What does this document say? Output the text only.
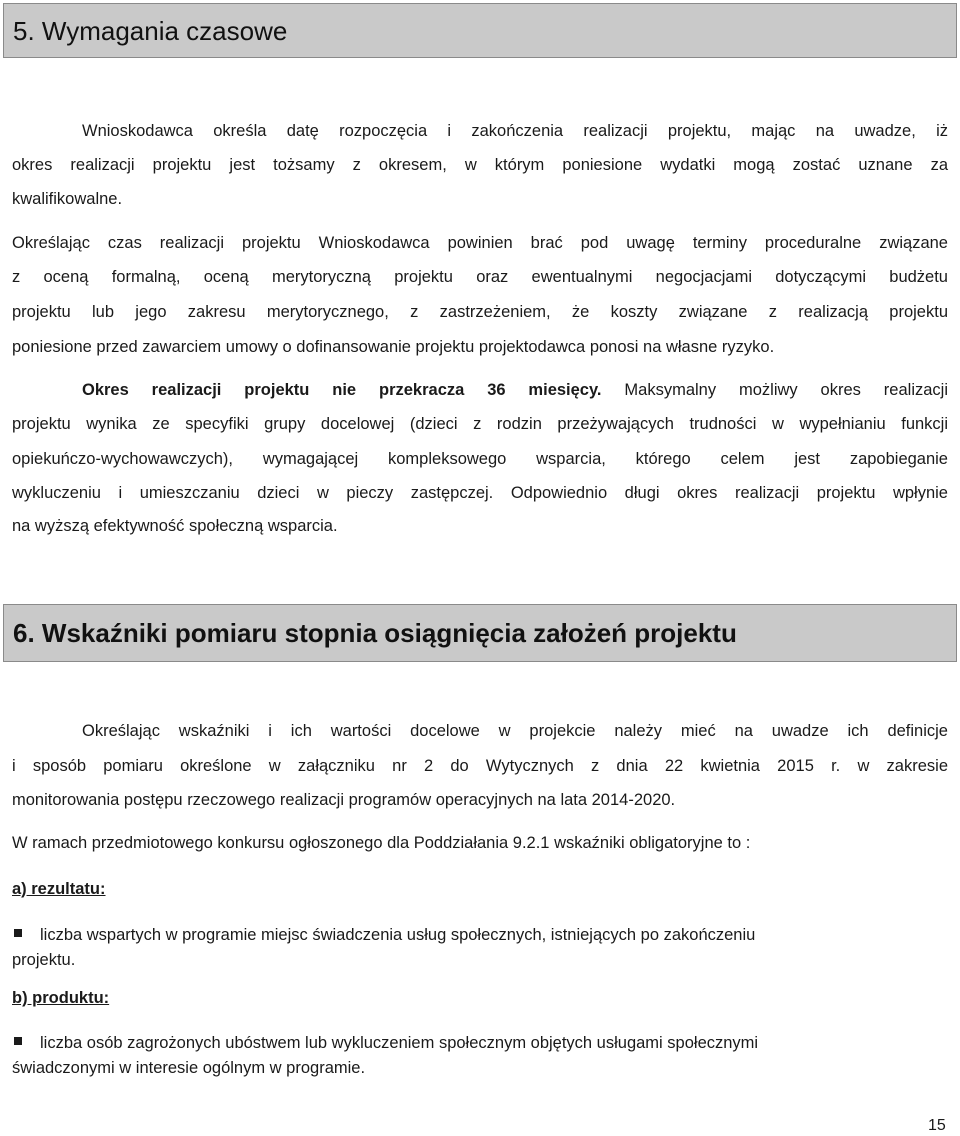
5. Wymagania czasowe
Wnioskodawca określa datę rozpoczęcia i zakończenia realizacji projektu, mając na uwadze, iż
okres realizacji projektu jest tożsamy z okresem, w którym poniesione wydatki mogą zostać uznane za
kwalifikowalne.
Określając czas realizacji projektu Wnioskodawca powinien brać pod uwagę terminy proceduralne związane
z oceną formalną, oceną merytoryczną projektu oraz ewentualnymi negocjacjami dotyczącymi budżetu
projektu lub jego zakresu merytorycznego, z zastrzeżeniem, że koszty związane z realizacją projektu
poniesione przed zawarciem umowy o dofinansowanie projektu projektodawca ponosi na własne ryzyko.
Okres realizacji projektu nie przekracza 36 miesięcy. Maksymalny możliwy okres realizacji
projektu wynika ze specyfiki grupy docelowej (dzieci z rodzin przeżywających trudności w wypełnianiu funkcji
opiekuńczo-wychowawczych), wymagającej kompleksowego wsparcia, którego celem jest zapobieganie
wykluczeniu i umieszczaniu dzieci w pieczy zastępczej. Odpowiednio długi okres realizacji projektu wpłynie
na wyższą efektywność społeczną wsparcia.
6. Wskaźniki pomiaru stopnia osiągnięcia założeń projektu
Określając wskaźniki i ich wartości docelowe w projekcie należy mieć na uwadze ich definicje
i sposób pomiaru określone w załączniku nr 2 do Wytycznych z dnia 22 kwietnia 2015 r. w zakresie
monitorowania postępu rzeczowego realizacji programów operacyjnych na lata 2014-2020.
W ramach przedmiotowego konkursu ogłoszonego dla Poddziałania 9.2.1 wskaźniki obligatoryjne to :
a) rezultatu:
liczba wspartych w programie miejsc świadczenia usług społecznych, istniejących po zakończeniu
projektu.
b) produktu:
liczba osób zagrożonych ubóstwem lub wykluczeniem społecznym objętych usługami społecznymi
świadczonymi w interesie ogólnym w programie.
15
